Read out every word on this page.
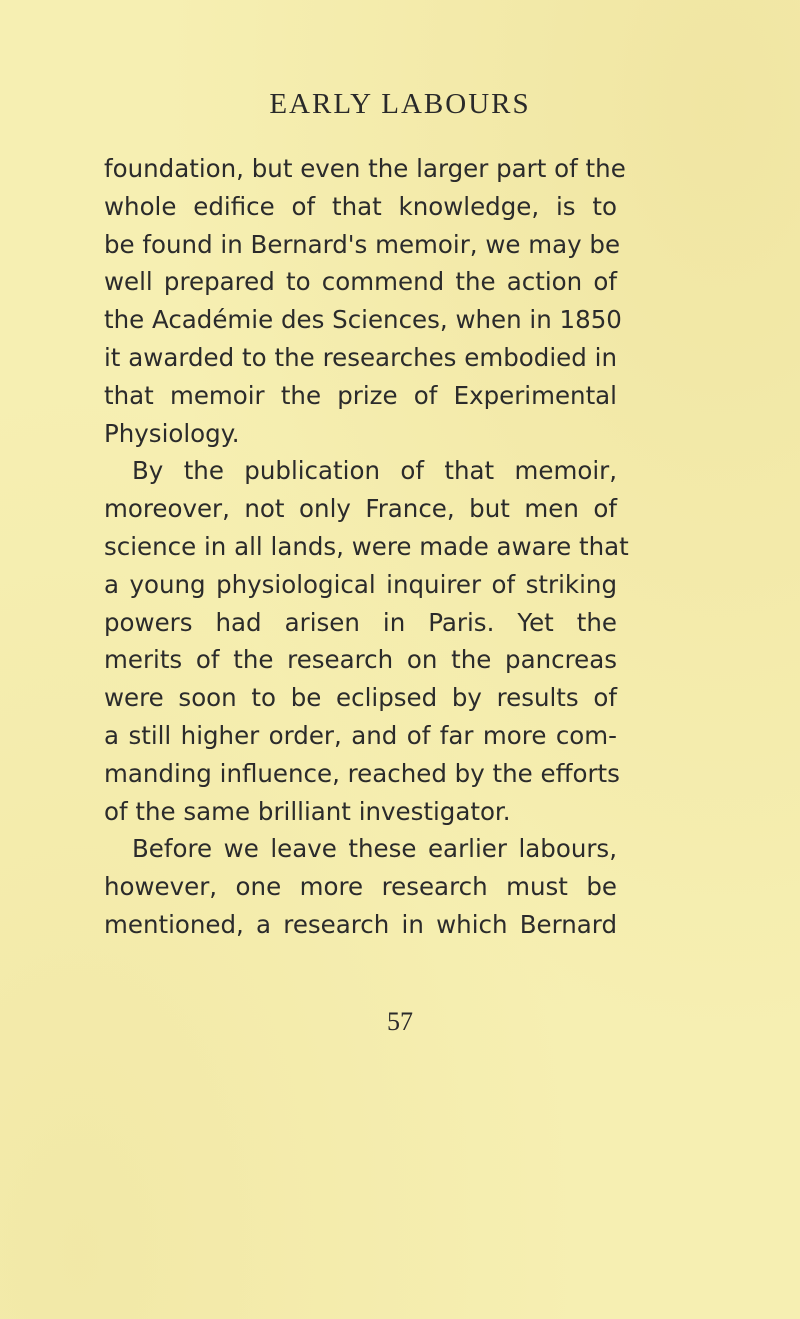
EARLY LABOURS
foundation, but even the larger part of the
whole edifice of that knowledge, is to
be found in Bernard's memoir, we may be
well prepared to commend the action of
the Académie des Sciences, when in 1850
it awarded to the researches embodied in
that memoir the prize of Experimental
Physiology.
By the publication of that memoir,
moreover, not only France, but men of
science in all lands, were made aware that
a young physiological inquirer of striking
powers had arisen in Paris. Yet the
merits of the research on the pancreas
were soon to be eclipsed by results of
a still higher order, and of far more com-
manding influence, reached by the efforts
of the same brilliant investigator.
Before we leave these earlier labours,
however, one more research must be
mentioned, a research in which Bernard
57
